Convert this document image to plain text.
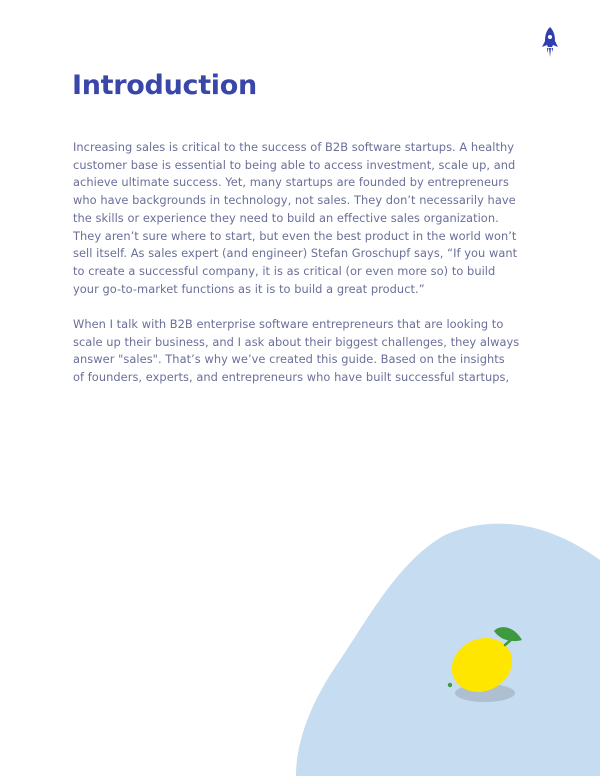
Introduction

Increasing sales is critical to the success of B2B software startups. A healthy
customer base is essential to being able to access investment, scale up, and
achieve ultimate success. Yet, many startups are founded by entrepreneurs
who have backgrounds in technology, not sales. They don’t necessarily have
the skills or experience they need to build an effective sales organization.
They aren’t sure where to start, but even the best product in the world won’t
sell itself. As sales expert (and engineer) Stefan Groschupf says, “If you want
to create a successful company, it is as critical (or even more so) to build
your go-to-market functions as it is to build a great product.”

When I talk with B2B enterprise software entrepreneurs that are looking to
scale up their business, and I ask about their biggest challenges, they always
answer "sales". That’s why we’ve created this guide. Based on the insights
of founders, experts, and entrepreneurs who have built successful startups,
